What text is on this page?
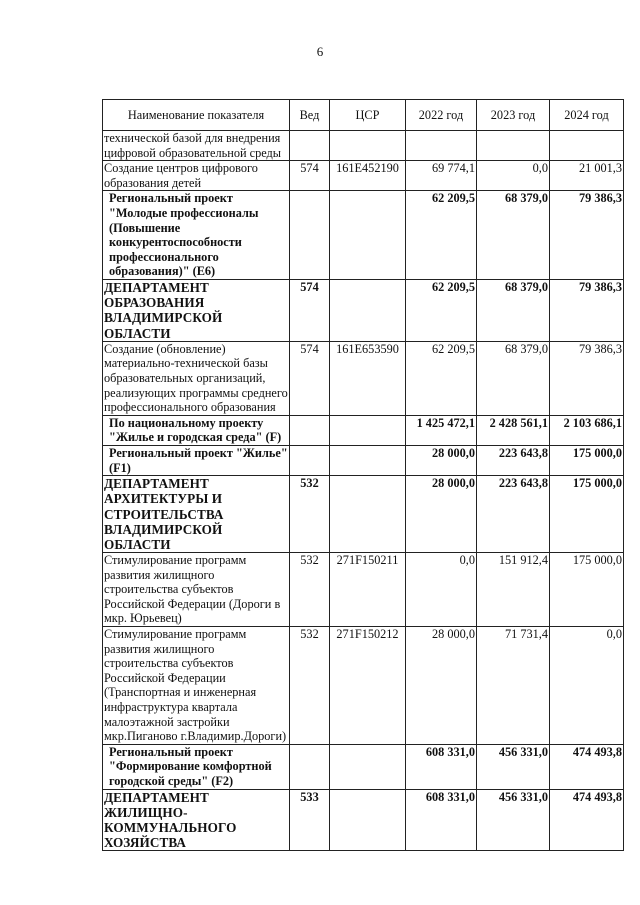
6
Наименование показателя	Вед	ЦСР	2022 год	2023 год	2024 год
технической базой для внедрения цифровой образовательной среды					
Создание центров цифрового образования детей	574	161E452190	69 774,1	0,0	21 001,3
Региональный проект "Молодые профессионалы (Повышение конкурентоспособности профессионального образования)" (E6)			62 209,5	68 379,0	79 386,3
ДЕПАРТАМЕНТ ОБРАЗОВАНИЯ ВЛАДИМИРСКОЙ ОБЛАСТИ	574		62 209,5	68 379,0	79 386,3
Создание (обновление) материально-технической базы образовательных организаций, реализующих программы среднего профессионального образования	574	161E653590	62 209,5	68 379,0	79 386,3
По национальному проекту "Жилье и городская среда" (F)			1 425 472,1	2 428 561,1	2 103 686,1
Региональный проект "Жилье" (F1)			28 000,0	223 643,8	175 000,0
ДЕПАРТАМЕНТ АРХИТЕКТУРЫ И СТРОИТЕЛЬСТВА ВЛАДИМИРСКОЙ ОБЛАСТИ	532		28 000,0	223 643,8	175 000,0
Стимулирование программ развития жилищного строительства субъектов Российской Федерации (Дороги в мкр. Юрьевец)	532	271F150211	0,0	151 912,4	175 000,0
Стимулирование программ развития жилищного строительства субъектов Российской Федерации (Транспортная и инженерная инфраструктура квартала малоэтажной застройки мкр.Пиганово г.Владимир.Дороги)	532	271F150212	28 000,0	71 731,4	0,0
Региональный проект "Формирование комфортной городской среды" (F2)			608 331,0	456 331,0	474 493,8
ДЕПАРТАМЕНТ ЖИЛИЩНО-КОММУНАЛЬНОГО ХОЗЯЙСТВА	533		608 331,0	456 331,0	474 493,8
